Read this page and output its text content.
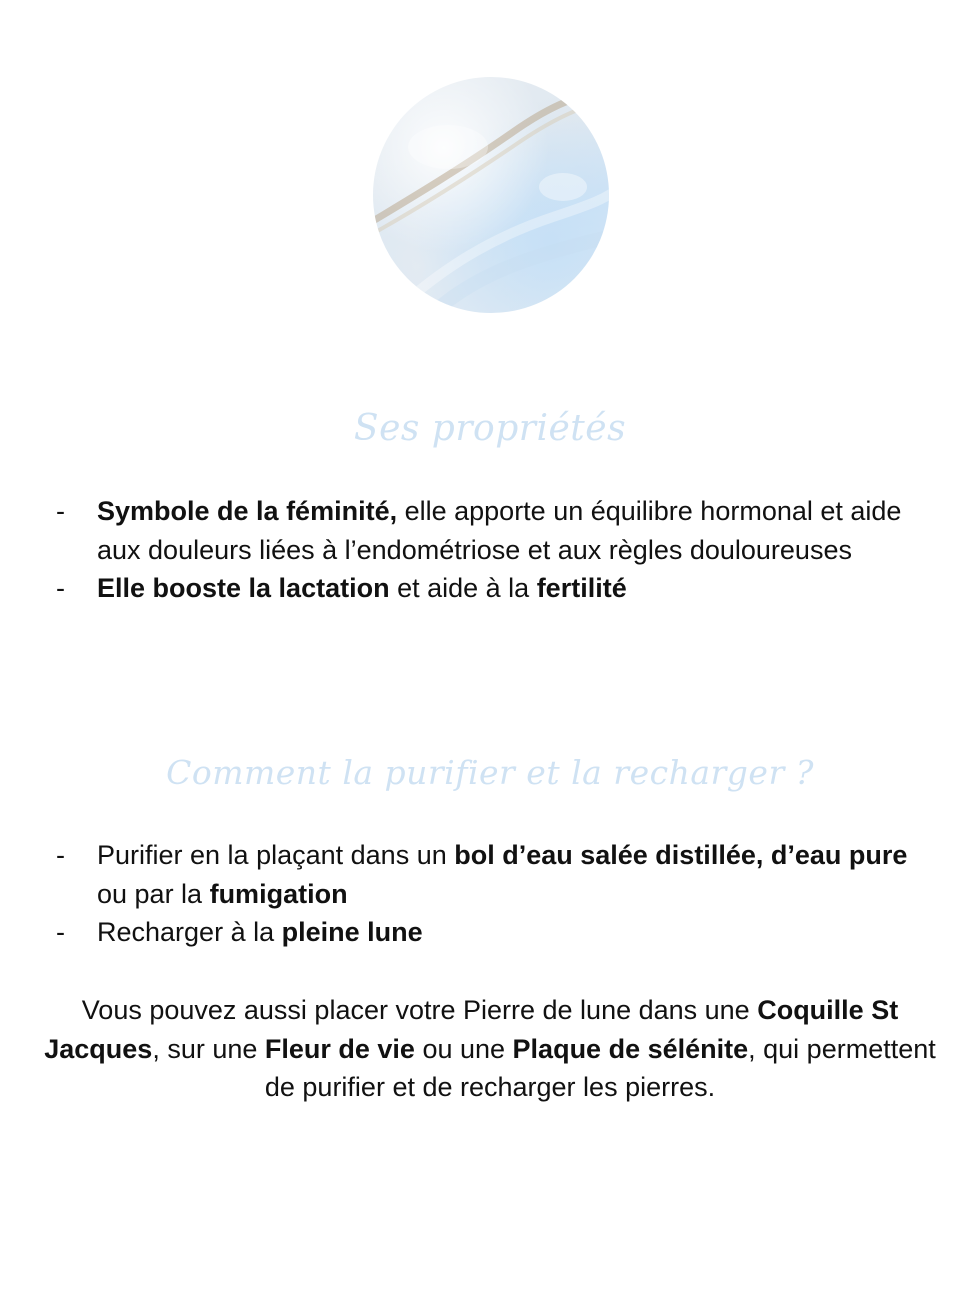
Ses propriétés
- Symbole de la féminité, elle apporte un équilibre hormonal et aide aux douleurs liées à l’endométriose et aux règles douloureuses
- Elle booste la lactation et aide à la fertilité
Comment la purifier et la recharger ?
- Purifier en la plaçant dans un bol d’eau salée distillée, d’eau pure ou par la fumigation
- Recharger à la pleine lune

Vous pouvez aussi placer votre Pierre de lune dans une Coquille St Jacques, sur une Fleur de vie ou une Plaque de sélénite, qui permettent de purifier et de recharger les pierres.
